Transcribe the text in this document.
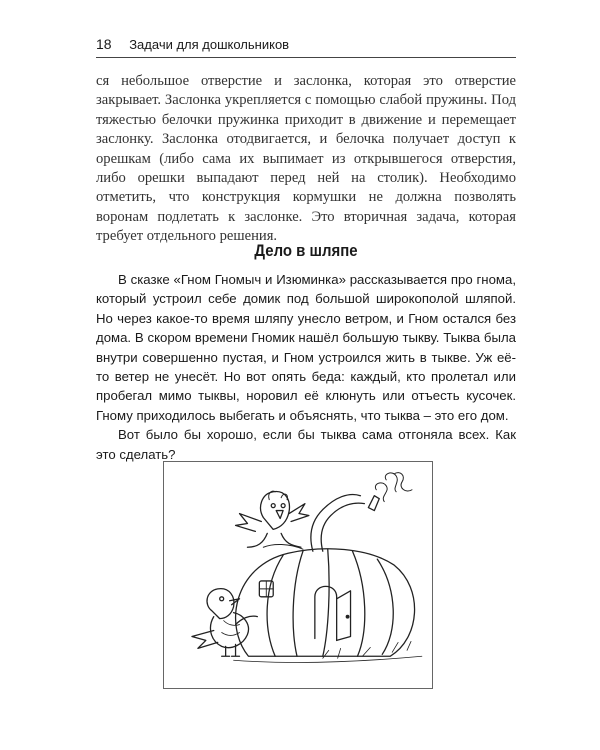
18 Задачи для дошкольников

ся небольшое отверстие и заслонка, которая это отверстие закрывает. Заслонка укрепляется с помощью слабой пружины. Под тяжестью белочки пружинка приходит в движение и перемещает заслонку. Заслонка отодвигается, и белочка получает доступ к орешкам (либо сама их выпимает из открывшегося отверстия, либо орешки выпадают перед ней на столик). Необходимо отметить, что конструкция кормушки не должна позволять воронам подлетать к заслонке. Это вторичная задача, которая требует отдельного решения.

Дело в шляпе

В сказке «Гном Гномыч и Изюминка» рассказывается про гнома, который устроил себе домик под большой широкополой шляпой. Но через какое-то время шляпу унесло ветром, и Гном остался без дома. В скором времени Гномик нашёл большую тыкву. Тыква была внутри совершенно пустая, и Гном устроился жить в тыкве. Уж её-то ветер не унесёт. Но вот опять беда: каждый, кто пролетал или пробегал мимо тыквы, норовил её клюнуть или отъесть кусочек. Гному приходилось выбегать и объяснять, что тыква – это его дом.

Вот было бы хорошо, если бы тыква сама отгоняла всех. Как это сделать?
